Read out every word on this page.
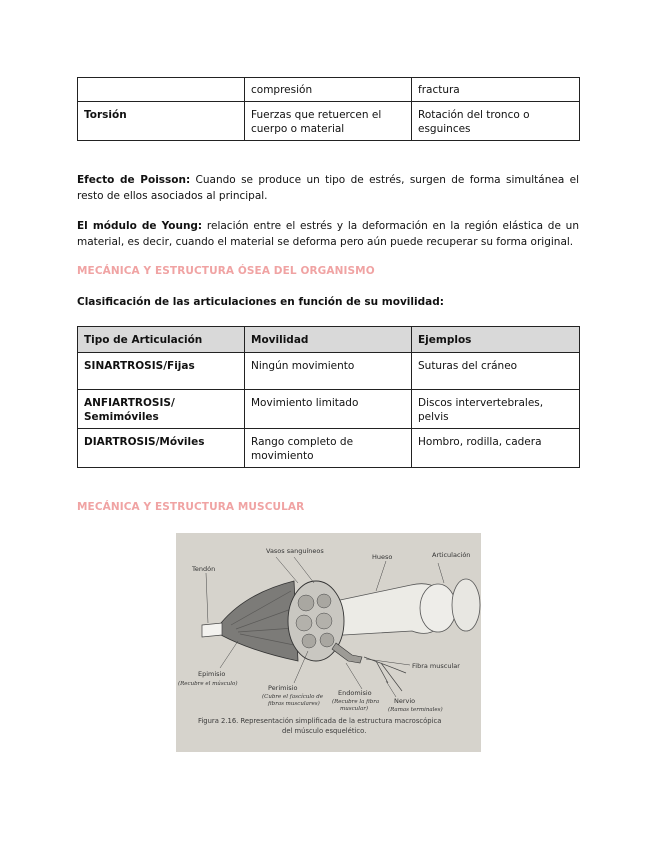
	compresión	fractura
Torsión	Fuerzas que retuercen el cuerpo o material	Rotación del tronco o esguinces

Efecto de Poisson: Cuando se produce un tipo de estrés, surgen de forma simultánea el resto de ellos asociados al principal.

El módulo de Young: relación entre el estrés y la deformación en la región elástica de un material, es decir, cuando el material se deforma pero aún puede recuperar su forma original.

MECÁNICA Y ESTRUCTURA ÓSEA DEL ORGANISMO

Clasificación de las articulaciones en función de su movilidad:

Tipo de Articulación	Movilidad	Ejemplos
SINARTROSIS/Fijas	Ningún movimiento	Suturas del cráneo
ANFIARTROSIS/ Semimóviles	Movimiento limitado	Discos intervertebrales, pelvis
DIARTROSIS/Móviles	Rango completo de movimiento	Hombro, rodilla, cadera

MECÁNICA Y ESTRUCTURA MUSCULAR

Vasos sanguíneos
Hueso	Articulación
Tendón
Fibra muscular
Epimisio
(Recubre el músculo)	Perimisio
(Cubre el fascículo de
fibras musculares)
Endomisio
(Recubre la fibra
muscular)
Nervio
(Ramas terminales)
Figura 2.16. Representación simplificada de la estructura macroscópica
del músculo esquelético.
